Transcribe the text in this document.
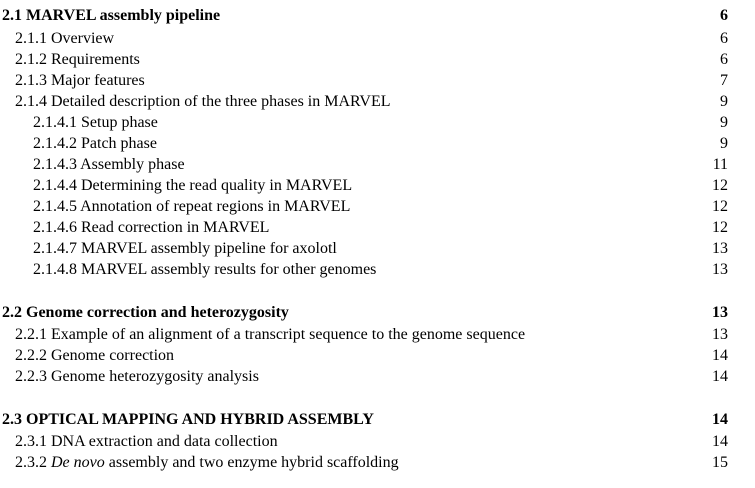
2.1 MARVEL assembly pipeline	6
2.1.1 Overview	6
2.1.2 Requirements	6
2.1.3 Major features	7
2.1.4 Detailed description of the three phases in MARVEL	9
2.1.4.1 Setup phase	9
2.1.4.2 Patch phase	9
2.1.4.3 Assembly phase	11
2.1.4.4 Determining the read quality in MARVEL	12
2.1.4.5 Annotation of repeat regions in MARVEL	12
2.1.4.6 Read correction in MARVEL	12
2.1.4.7 MARVEL assembly pipeline for axolotl	13
2.1.4.8 MARVEL assembly results for other genomes	13
2.2 Genome correction and heterozygosity	13
2.2.1 Example of an alignment of a transcript sequence to the genome sequence	13
2.2.2 Genome correction	14
2.2.3 Genome heterozygosity analysis	14
2.3 OPTICAL MAPPING AND HYBRID ASSEMBLY	14
2.3.1 DNA extraction and data collection	14
2.3.2 De novo assembly and two enzyme hybrid scaffolding	15
